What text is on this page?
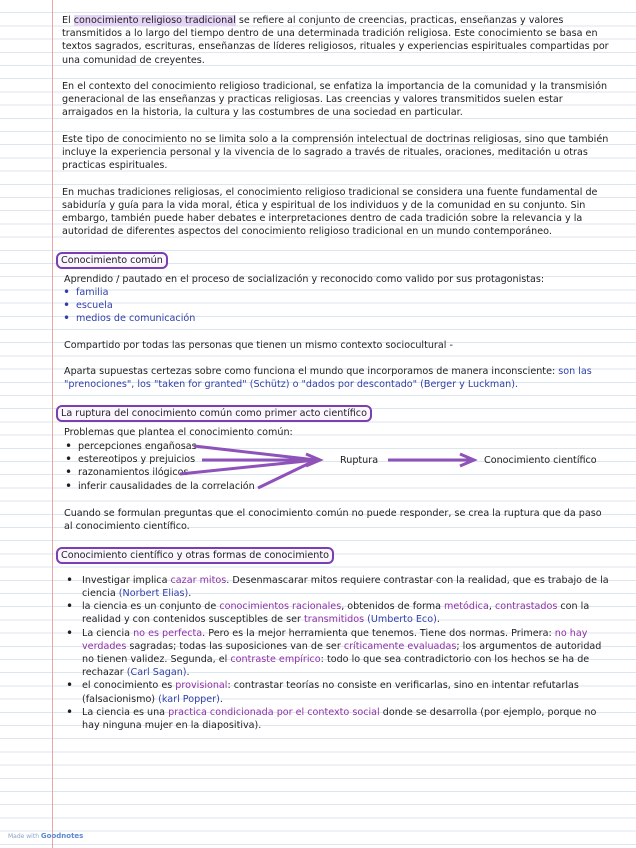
El conocimiento religioso tradicional se refiere al conjunto de creencias, practicas, enseñanzas y valores transmitidos a lo largo del tiempo dentro de una determinada tradición religiosa. Este conocimiento se basa en textos sagrados, escrituras, enseñanzas de líderes religiosos, rituales y experiencias espirituales compartidas por una comunidad de creyentes.

En el contexto del conocimiento religioso tradicional, se enfatiza la importancia de la comunidad y la transmisión generacional de las enseñanzas y practicas religiosas. Las creencias y valores transmitidos suelen estar arraigados en la historia, la cultura y las costumbres de una sociedad en particular.

Este tipo de conocimiento no se limita solo a la comprensión intelectual de doctrinas religiosas, sino que también incluye la experiencia personal y la vivencia de lo sagrado a través de rituales, oraciones, meditación u otras practicas espirituales.

En muchas tradiciones religiosas, el conocimiento religioso tradicional se considera una fuente fundamental de sabiduría y guía para la vida moral, ética y espiritual de los individuos y de la comunidad en su conjunto. Sin embargo, también puede haber debates e interpretaciones dentro de cada tradición sobre la relevancia y la autoridad de diferentes aspectos del conocimiento religioso tradicional en un mundo contemporáneo.

Conocimiento común
Aprendido / pautado en el proceso de socialización y reconocido como valido por sus protagonistas:
• familia
• escuela
• medios de comunicación

Compartido por todas las personas que tienen un mismo contexto sociocultural -

Aparta supuestas certezas sobre como funciona el mundo que incorporamos de manera inconsciente: son las "prenociones", los "taken for granted" (Schütz) o "dados por descontado" (Berger y Luckman).

La ruptura del conocimiento común como primer acto científico
Problemas que plantea el conocimiento común:
• percepciones engañosas
• estereotipos y prejuicios
• razonamientos ilógicos
• inferir causalidades de la correlación
Ruptura	Conocimiento científico

Cuando se formulan preguntas que el conocimiento común no puede responder, se crea la ruptura que da paso al conocimiento científico.

Conocimiento científico y otras formas de conocimiento
• Investigar implica cazar mitos. Desenmascarar mitos requiere contrastar con la realidad, que es trabajo de la ciencia (Norbert Elias).
• la ciencia es un conjunto de conocimientos racionales, obtenidos de forma metódica, contrastados con la realidad y con contenidos susceptibles de ser transmitidos (Umberto Eco).
• La ciencia no es perfecta. Pero es la mejor herramienta que tenemos. Tiene dos normas. Primera: no hay verdades sagradas; todas las suposiciones van de ser críticamente evaluadas; los argumentos de autoridad no tienen validez. Segunda, el contraste empírico: todo lo que sea contradictorio con los hechos se ha de rechazar (Carl Sagan).
• el conocimiento es provisional: contrastar teorías no consiste en verificarlas, sino en intentar refutarlas (falsacionismo) (karl Popper).
• La ciencia es una practica condicionada por el contexto social donde se desarrolla (por ejemplo, porque no hay ninguna mujer en la diapositiva).
Made with Goodnotes
